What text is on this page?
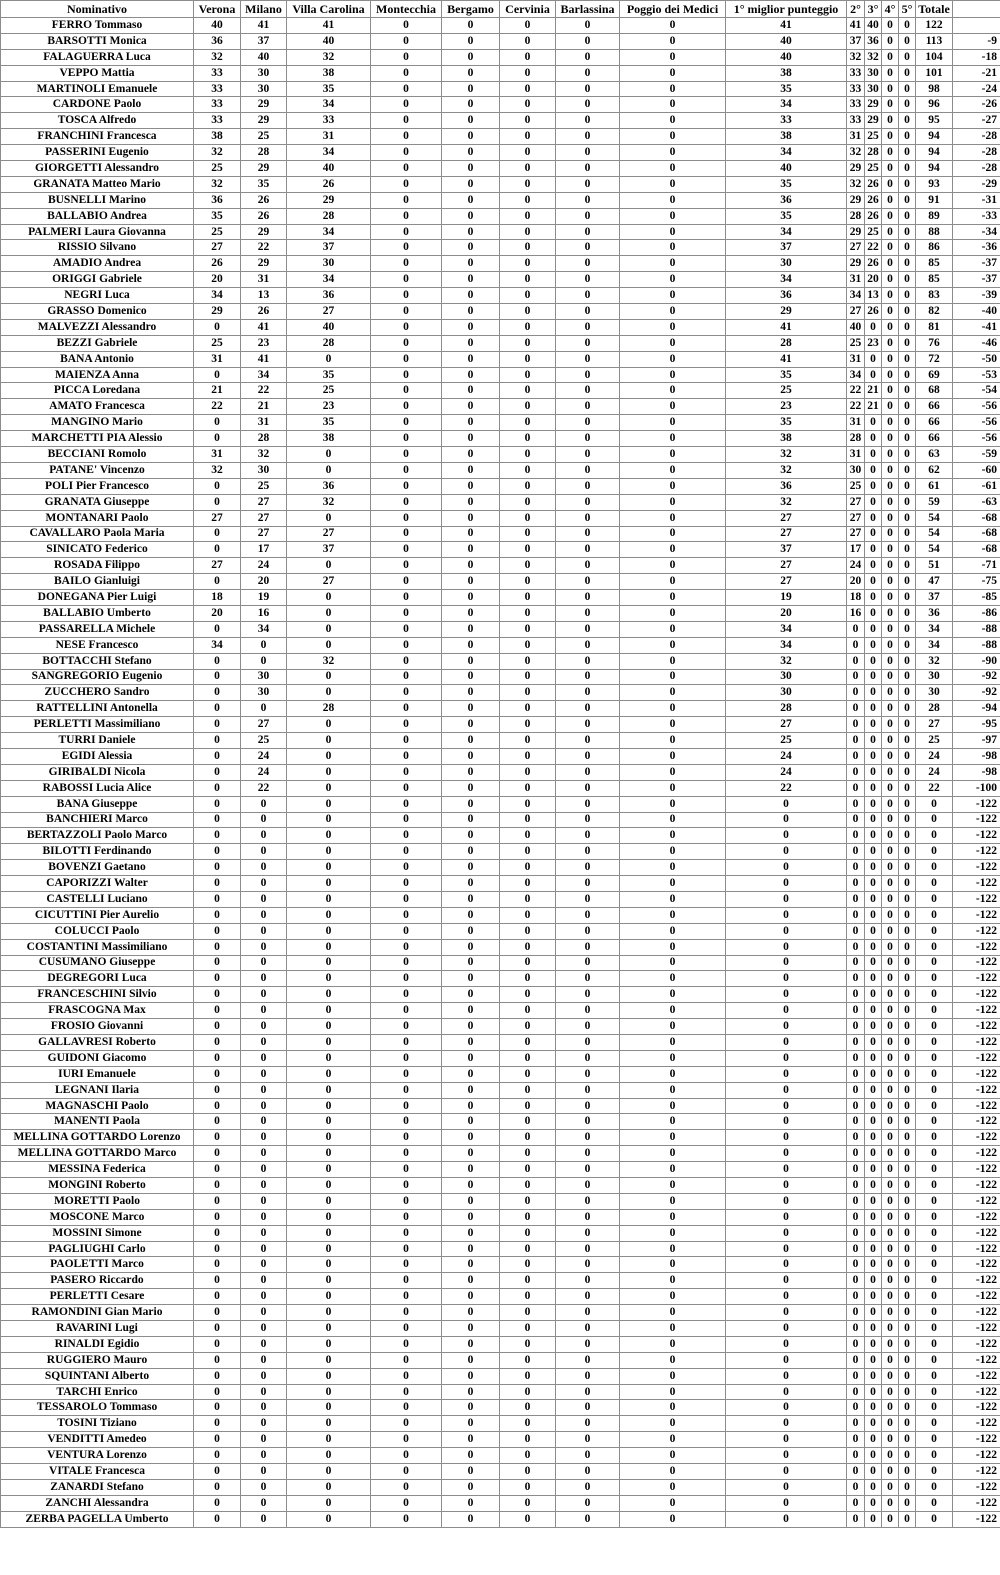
Nominativo	Verona	Milano	Villa Carolina	Montecchia	Bergamo	Cervinia	Barlassina	Poggio dei Medici	1° miglior punteggio	2°	3°	4°	5°	Totale	
FERRO Tommaso	40	41	41	0	0	0	0	0	41	41	40	0	0	122	
BARSOTTI Monica	36	37	40	0	0	0	0	0	40	37	36	0	0	113	-9
FALAGUERRA Luca	32	40	32	0	0	0	0	0	40	32	32	0	0	104	-18
VEPPO Mattia	33	30	38	0	0	0	0	0	38	33	30	0	0	101	-21
MARTINOLI Emanuele	33	30	35	0	0	0	0	0	35	33	30	0	0	98	-24
CARDONE Paolo	33	29	34	0	0	0	0	0	34	33	29	0	0	96	-26
TOSCA Alfredo	33	29	33	0	0	0	0	0	33	33	29	0	0	95	-27
FRANCHINI Francesca	38	25	31	0	0	0	0	0	38	31	25	0	0	94	-28
PASSERINI Eugenio	32	28	34	0	0	0	0	0	34	32	28	0	0	94	-28
GIORGETTI Alessandro	25	29	40	0	0	0	0	0	40	29	25	0	0	94	-28
GRANATA Matteo Mario	32	35	26	0	0	0	0	0	35	32	26	0	0	93	-29
BUSNELLI Marino	36	26	29	0	0	0	0	0	36	29	26	0	0	91	-31
BALLABIO Andrea	35	26	28	0	0	0	0	0	35	28	26	0	0	89	-33
PALMERI Laura Giovanna	25	29	34	0	0	0	0	0	34	29	25	0	0	88	-34
RISSIO Silvano	27	22	37	0	0	0	0	0	37	27	22	0	0	86	-36
AMADIO Andrea	26	29	30	0	0	0	0	0	30	29	26	0	0	85	-37
ORIGGI Gabriele	20	31	34	0	0	0	0	0	34	31	20	0	0	85	-37
NEGRI Luca	34	13	36	0	0	0	0	0	36	34	13	0	0	83	-39
GRASSO Domenico	29	26	27	0	0	0	0	0	29	27	26	0	0	82	-40
MALVEZZI Alessandro	0	41	40	0	0	0	0	0	41	40	0	0	0	81	-41
BEZZI Gabriele	25	23	28	0	0	0	0	0	28	25	23	0	0	76	-46
BANA Antonio	31	41	0	0	0	0	0	0	41	31	0	0	0	72	-50
MAIENZA Anna	0	34	35	0	0	0	0	0	35	34	0	0	0	69	-53
PICCA Loredana	21	22	25	0	0	0	0	0	25	22	21	0	0	68	-54
AMATO Francesca	22	21	23	0	0	0	0	0	23	22	21	0	0	66	-56
MANGINO Mario	0	31	35	0	0	0	0	0	35	31	0	0	0	66	-56
MARCHETTI PIA Alessio	0	28	38	0	0	0	0	0	38	28	0	0	0	66	-56
BECCIANI Romolo	31	32	0	0	0	0	0	0	32	31	0	0	0	63	-59
PATANE' Vincenzo	32	30	0	0	0	0	0	0	32	30	0	0	0	62	-60
POLI Pier Francesco	0	25	36	0	0	0	0	0	36	25	0	0	0	61	-61
GRANATA Giuseppe	0	27	32	0	0	0	0	0	32	27	0	0	0	59	-63
MONTANARI Paolo	27	27	0	0	0	0	0	0	27	27	0	0	0	54	-68
CAVALLARO Paola Maria	0	27	27	0	0	0	0	0	27	27	0	0	0	54	-68
SINICATO Federico	0	17	37	0	0	0	0	0	37	17	0	0	0	54	-68
ROSADA Filippo	27	24	0	0	0	0	0	0	27	24	0	0	0	51	-71
BAILO Gianluigi	0	20	27	0	0	0	0	0	27	20	0	0	0	47	-75
DONEGANA Pier Luigi	18	19	0	0	0	0	0	0	19	18	0	0	0	37	-85
BALLABIO Umberto	20	16	0	0	0	0	0	0	20	16	0	0	0	36	-86
PASSARELLA Michele	0	34	0	0	0	0	0	0	34	0	0	0	0	34	-88
NESE Francesco	34	0	0	0	0	0	0	0	34	0	0	0	0	34	-88
BOTTACCHI Stefano	0	0	32	0	0	0	0	0	32	0	0	0	0	32	-90
SANGREGORIO Eugenio	0	30	0	0	0	0	0	0	30	0	0	0	0	30	-92
ZUCCHERO Sandro	0	30	0	0	0	0	0	0	30	0	0	0	0	30	-92
RATTELLINI Antonella	0	0	28	0	0	0	0	0	28	0	0	0	0	28	-94
PERLETTI Massimiliano	0	27	0	0	0	0	0	0	27	0	0	0	0	27	-95
TURRI Daniele	0	25	0	0	0	0	0	0	25	0	0	0	0	25	-97
EGIDI Alessia	0	24	0	0	0	0	0	0	24	0	0	0	0	24	-98
GIRIBALDI Nicola	0	24	0	0	0	0	0	0	24	0	0	0	0	24	-98
RABOSSI Lucia Alice	0	22	0	0	0	0	0	0	22	0	0	0	0	22	-100
BANA Giuseppe	0	0	0	0	0	0	0	0	0	0	0	0	0	0	-122
BANCHIERI Marco	0	0	0	0	0	0	0	0	0	0	0	0	0	0	-122
BERTAZZOLI Paolo Marco	0	0	0	0	0	0	0	0	0	0	0	0	0	0	-122
BILOTTI Ferdinando	0	0	0	0	0	0	0	0	0	0	0	0	0	0	-122
BOVENZI Gaetano	0	0	0	0	0	0	0	0	0	0	0	0	0	0	-122
CAPORIZZI Walter	0	0	0	0	0	0	0	0	0	0	0	0	0	0	-122
CASTELLI Luciano	0	0	0	0	0	0	0	0	0	0	0	0	0	0	-122
CICUTTINI Pier Aurelio	0	0	0	0	0	0	0	0	0	0	0	0	0	0	-122
COLUCCI Paolo	0	0	0	0	0	0	0	0	0	0	0	0	0	0	-122
COSTANTINI Massimiliano	0	0	0	0	0	0	0	0	0	0	0	0	0	0	-122
CUSUMANO Giuseppe	0	0	0	0	0	0	0	0	0	0	0	0	0	0	-122
DEGREGORI Luca	0	0	0	0	0	0	0	0	0	0	0	0	0	0	-122
FRANCESCHINI Silvio	0	0	0	0	0	0	0	0	0	0	0	0	0	0	-122
FRASCOGNA Max	0	0	0	0	0	0	0	0	0	0	0	0	0	0	-122
FROSIO Giovanni	0	0	0	0	0	0	0	0	0	0	0	0	0	0	-122
GALLAVRESI Roberto	0	0	0	0	0	0	0	0	0	0	0	0	0	0	-122
GUIDONI Giacomo	0	0	0	0	0	0	0	0	0	0	0	0	0	0	-122
IURI Emanuele	0	0	0	0	0	0	0	0	0	0	0	0	0	0	-122
LEGNANI Ilaria	0	0	0	0	0	0	0	0	0	0	0	0	0	0	-122
MAGNASCHI Paolo	0	0	0	0	0	0	0	0	0	0	0	0	0	0	-122
MANENTI Paola	0	0	0	0	0	0	0	0	0	0	0	0	0	0	-122
MELLINA GOTTARDO Lorenzo	0	0	0	0	0	0	0	0	0	0	0	0	0	0	-122
MELLINA GOTTARDO Marco	0	0	0	0	0	0	0	0	0	0	0	0	0	0	-122
MESSINA Federica	0	0	0	0	0	0	0	0	0	0	0	0	0	0	-122
MONGINI Roberto	0	0	0	0	0	0	0	0	0	0	0	0	0	0	-122
MORETTI Paolo	0	0	0	0	0	0	0	0	0	0	0	0	0	0	-122
MOSCONE Marco	0	0	0	0	0	0	0	0	0	0	0	0	0	0	-122
MOSSINI Simone	0	0	0	0	0	0	0	0	0	0	0	0	0	0	-122
PAGLIUGHI Carlo	0	0	0	0	0	0	0	0	0	0	0	0	0	0	-122
PAOLETTI Marco	0	0	0	0	0	0	0	0	0	0	0	0	0	0	-122
PASERO Riccardo	0	0	0	0	0	0	0	0	0	0	0	0	0	0	-122
PERLETTI Cesare	0	0	0	0	0	0	0	0	0	0	0	0	0	0	-122
RAMONDINI Gian Mario	0	0	0	0	0	0	0	0	0	0	0	0	0	0	-122
RAVARINI Lugi	0	0	0	0	0	0	0	0	0	0	0	0	0	0	-122
RINALDI Egidio	0	0	0	0	0	0	0	0	0	0	0	0	0	0	-122
RUGGIERO Mauro	0	0	0	0	0	0	0	0	0	0	0	0	0	0	-122
SQUINTANI Alberto	0	0	0	0	0	0	0	0	0	0	0	0	0	0	-122
TARCHI Enrico	0	0	0	0	0	0	0	0	0	0	0	0	0	0	-122
TESSAROLO Tommaso	0	0	0	0	0	0	0	0	0	0	0	0	0	0	-122
TOSINI Tiziano	0	0	0	0	0	0	0	0	0	0	0	0	0	0	-122
VENDITTI Amedeo	0	0	0	0	0	0	0	0	0	0	0	0	0	0	-122
VENTURA Lorenzo	0	0	0	0	0	0	0	0	0	0	0	0	0	0	-122
VITALE Francesca	0	0	0	0	0	0	0	0	0	0	0	0	0	0	-122
ZANARDI Stefano	0	0	0	0	0	0	0	0	0	0	0	0	0	0	-122
ZANCHI Alessandra	0	0	0	0	0	0	0	0	0	0	0	0	0	0	-122
ZERBA PAGELLA Umberto	0	0	0	0	0	0	0	0	0	0	0	0	0	0	-122
